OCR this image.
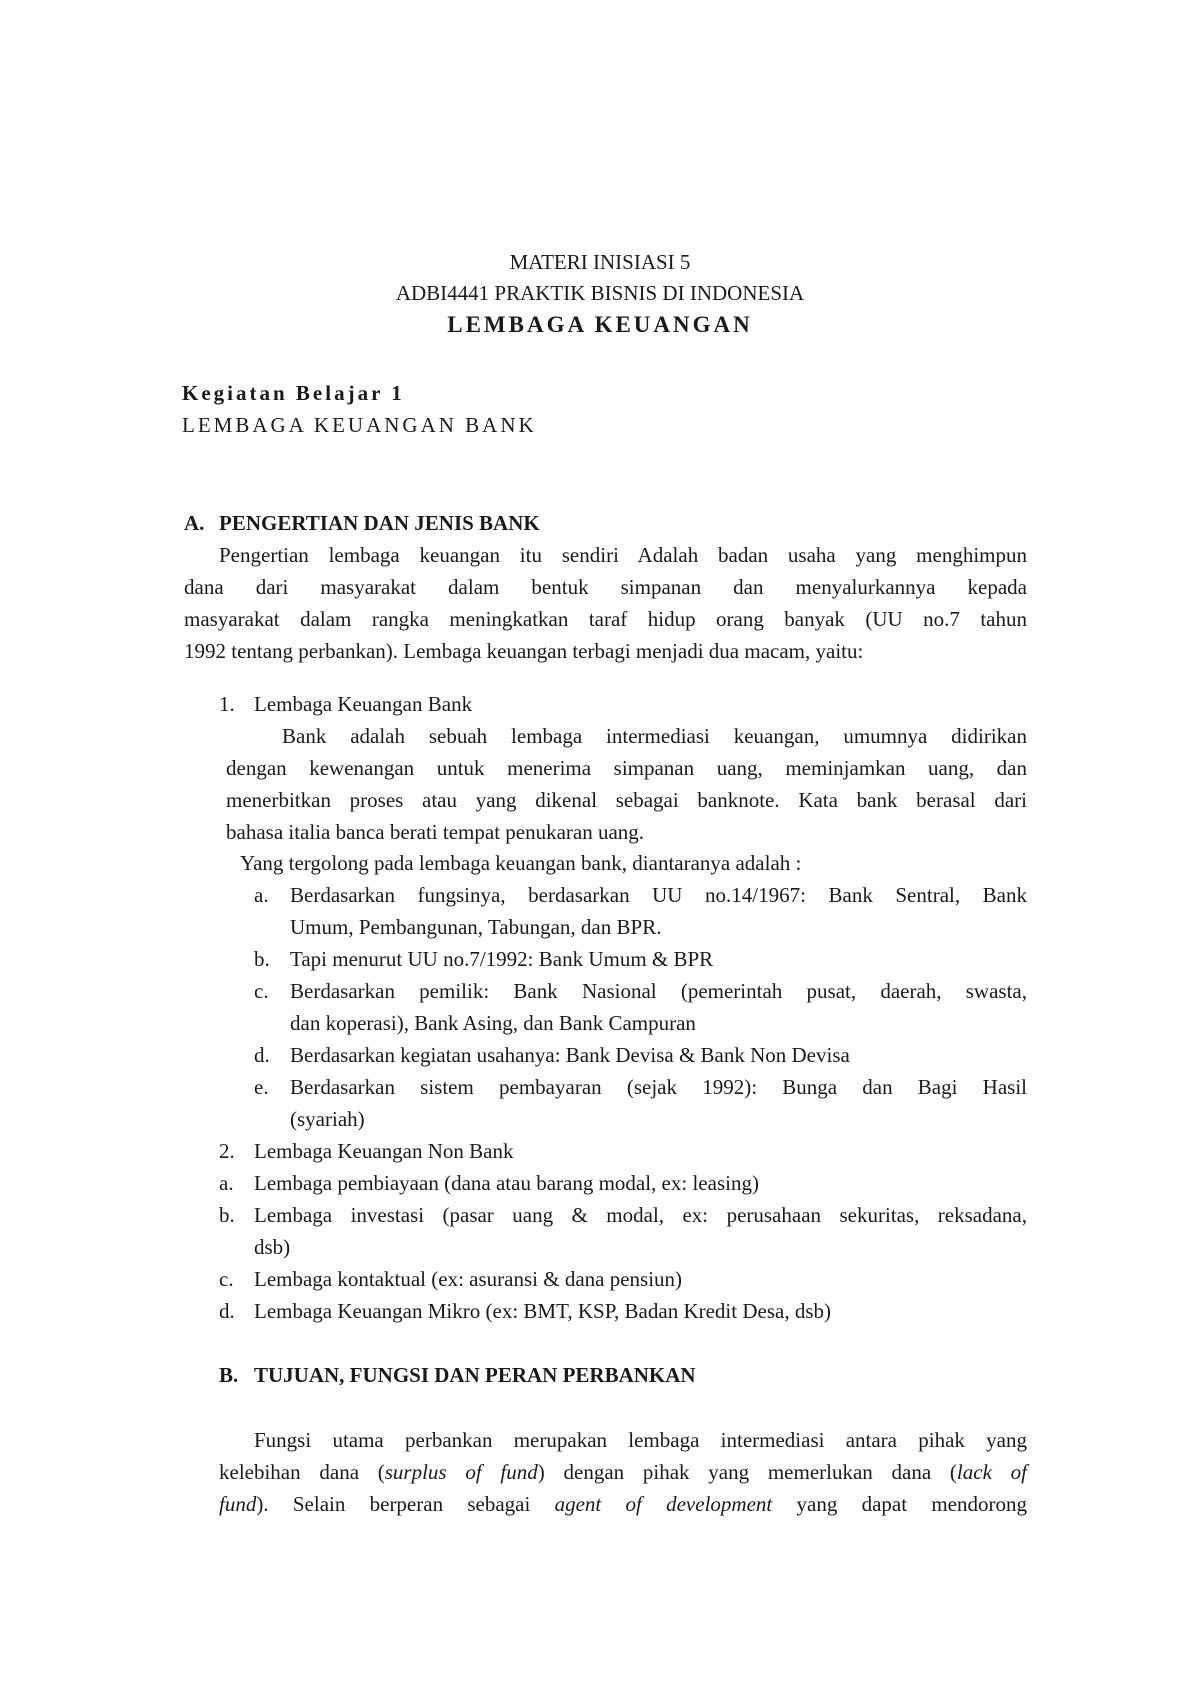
MATERI INISIASI 5
ADBI4441 PRAKTIK BISNIS DI INDONESIA
LEMBAGA KEUANGAN
Kegiatan Belajar 1
LEMBAGA KEUANGAN BANK
A. PENGERTIAN DAN JENIS BANK
Pengertian lembaga keuangan itu sendiri Adalah badan usaha yang menghimpun
dana dari masyarakat dalam bentuk simpanan dan menyalurkannya kepada
masyarakat dalam rangka meningkatkan taraf hidup orang banyak (UU no.7 tahun
1992 tentang perbankan). Lembaga keuangan terbagi menjadi dua macam, yaitu:
1. Lembaga Keuangan Bank
Bank adalah sebuah lembaga intermediasi keuangan, umumnya didirikan
dengan kewenangan untuk menerima simpanan uang, meminjamkan uang, dan
menerbitkan proses atau yang dikenal sebagai banknote. Kata bank berasal dari
bahasa italia banca berati tempat penukaran uang.
Yang tergolong pada lembaga keuangan bank, diantaranya adalah :
a. Berdasarkan fungsinya, berdasarkan UU no.14/1967: Bank Sentral, Bank
Umum, Pembangunan, Tabungan, dan BPR.
b. Tapi menurut UU no.7/1992: Bank Umum & BPR
c. Berdasarkan pemilik: Bank Nasional (pemerintah pusat, daerah, swasta,
dan koperasi), Bank Asing, dan Bank Campuran
d. Berdasarkan kegiatan usahanya: Bank Devisa & Bank Non Devisa
e. Berdasarkan sistem pembayaran (sejak 1992): Bunga dan Bagi Hasil
(syariah)
2. Lembaga Keuangan Non Bank
a. Lembaga pembiayaan (dana atau barang modal, ex: leasing)
b. Lembaga investasi (pasar uang & modal, ex: perusahaan sekuritas, reksadana,
dsb)
c. Lembaga kontaktual (ex: asuransi & dana pensiun)
d. Lembaga Keuangan Mikro (ex: BMT, KSP, Badan Kredit Desa, dsb)
B. TUJUAN, FUNGSI DAN PERAN PERBANKAN
Fungsi utama perbankan merupakan lembaga intermediasi antara pihak yang
kelebihan dana (surplus of fund) dengan pihak yang memerlukan dana (lack of
fund). Selain berperan sebagai agent of development yang dapat mendorong
